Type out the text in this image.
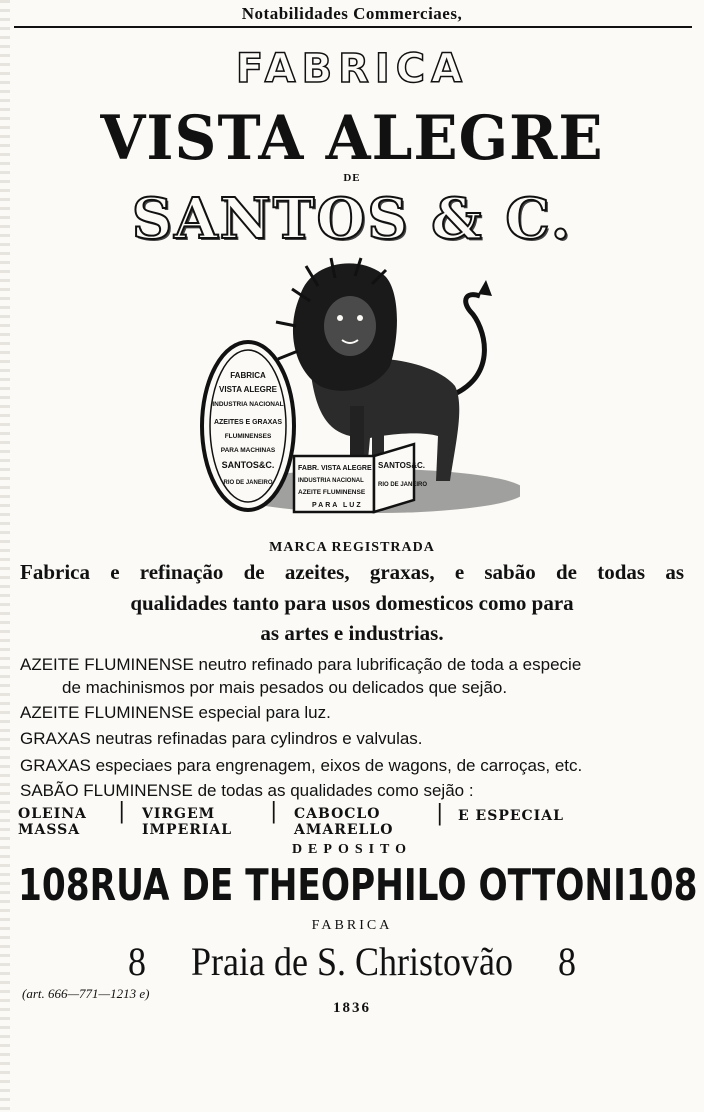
Notabilidades Commerciaes,
FABRICA
VISTA ALEGRE
DE
SANTOS & C.
FABRICA
VISTA ALEGRE
INDUSTRIA NACIONAL
AZEITES E GRAXAS
FLUMINENSES
PARA MACHINAS
SANTOS&C.
RIO DE JANEIRO
FABR. VISTA ALEGRE
INDUSTRIA NACIONAL
AZEITE FLUMINENSE
PARA LUZ
SANTOS&C.
RIO DE JANEIRO
MARCA REGISTRADA
Fabrica e refinação de azeites, graxas, e sabão de todas as
qualidades tanto para usos domesticos como para
as artes e industrias.
AZEITE FLUMINENSE neutro refinado para lubrificação de toda a especie
de machinismos por mais pesados ou delicados que sejão.
AZEITE FLUMINENSE especial para luz.
GRAXAS neutras refinadas para cylindros e valvulas.
GRAXAS especiaes para engrenagem, eixos de wagons, de carroças, etc.
SABÃO FLUMINENSE de todas as qualidades como sejão :
OLEINA
MASSA
| VIRGEM
IMPERIAL
| CABOCLO
AMARELLO
| E ESPECIAL
DEPOSITO
108 RUA DE THEOPHILO OTTONI 108
FABRICA
8 Praia de S. Christovão 8
(art. 666—771—1213 e)
1836
